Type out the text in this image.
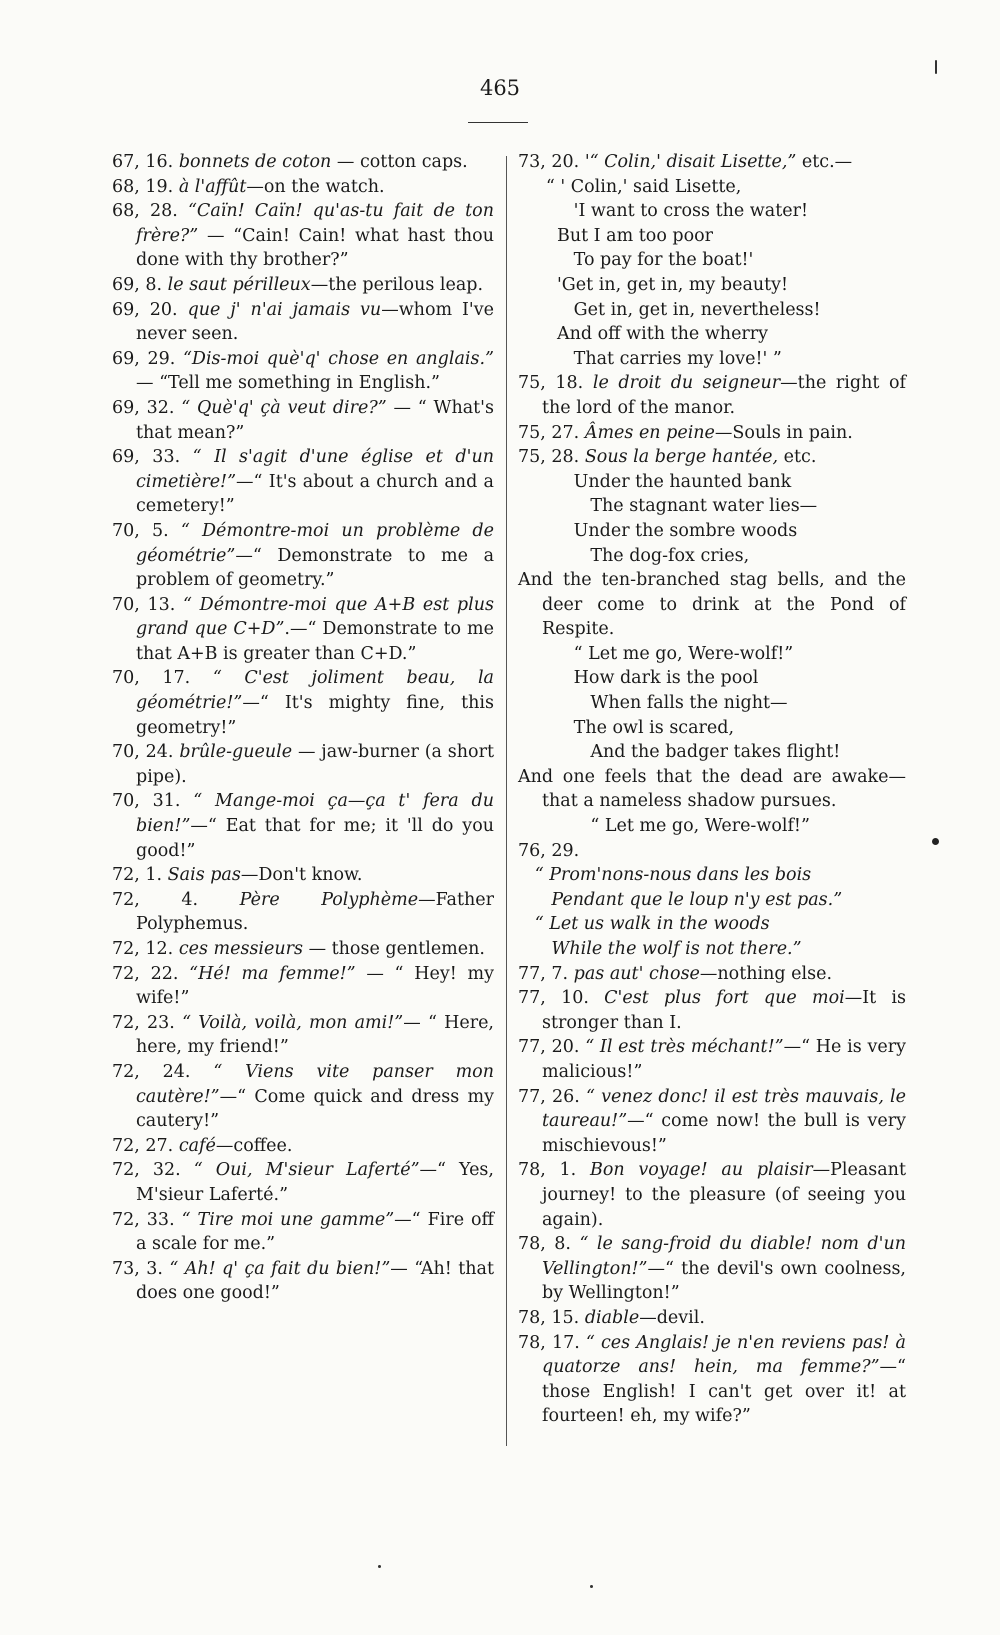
465
67, 16. bonnets de coton — cotton caps.
68, 19. à l'affût—on the watch.
68, 28. “Caïn! Caïn! qu'as-tu fait de ton frère?” — “Cain! Cain! what hast thou done with thy brother?”
69, 8. le saut périlleux—the perilous leap.
69, 20. que j' n'ai jamais vu—whom I've never seen.
69, 29. “Dis-moi què'q' chose en anglais.” — “Tell me something in English.”
69, 32. “ Què'q' çà veut dire?” — “ What's that mean?”
69, 33. “ Il s'agit d'une église et d'un cimetière!”—“ It's about a church and a cemetery!”
70, 5. “ Démontre-moi un problème de géométrie”—“ Demonstrate to me a problem of geometry.”
70, 13. “ Démontre-moi que A+B est plus grand que C+D”.—“ Demonstrate to me that A+B is greater than C+D.”
70, 17. “ C'est joliment beau, la géométrie!”—“ It's mighty fine, this geometry!”
70, 24. brûle-gueule — jaw-burner (a short pipe).
70, 31. “ Mange-moi ça—ça t' fera du bien!”—“ Eat that for me; it 'll do you good!”
72, 1. Sais pas—Don't know.
72, 4. Père Polyphème—Father Polyphemus.
72, 12. ces messieurs — those gentlemen.
72, 22. “Hé! ma femme!” — “ Hey! my wife!”
72, 23. “ Voilà, voilà, mon ami!”— “ Here, here, my friend!”
72, 24. “ Viens vite panser mon cautère!”—“ Come quick and dress my cautery!”
72, 27. café—coffee.
72, 32. “ Oui, M'sieur Laferté”—“ Yes, M'sieur Laferté.”
72, 33. “ Tire moi une gamme”—“ Fire off a scale for me.”
73, 3. “ Ah! q' ça fait du bien!”— “Ah! that does one good!”
73, 20. '“ Colin,' disait Lisette,” etc.—
“ ' Colin,' said Lisette,
'I want to cross the water!
But I am too poor
To pay for the boat!'
'Get in, get in, my beauty!
Get in, get in, nevertheless!
And off with the wherry
That carries my love!' ”
75, 18. le droit du seigneur—the right of the lord of the manor.
75, 27. Âmes en peine—Souls in pain.
75, 28. Sous la berge hantée, etc.
Under the haunted bank
The stagnant water lies—
Under the sombre woods
The dog-fox cries,
And the ten-branched stag bells, and the deer come to drink at the Pond of Respite.
“ Let me go, Were-wolf!”
How dark is the pool
When falls the night—
The owl is scared,
And the badger takes flight!
And one feels that the dead are awake—that a nameless shadow pursues.
“ Let me go, Were-wolf!”
76, 29.
“ Prom'nons-nous dans les bois
Pendant que le loup n'y est pas.”
“ Let us walk in the woods
While the wolf is not there.”
77, 7. pas aut' chose—nothing else.
77, 10. C'est plus fort que moi—It is stronger than I.
77, 20. “ Il est très méchant!”—“ He is very malicious!”
77, 26. “ venez donc! il est très mauvais, le taureau!”—“ come now! the bull is very mischievous!”
78, 1. Bon voyage! au plaisir—Pleasant journey! to the pleasure (of seeing you again).
78, 8. “ le sang-froid du diable! nom d'un Vellington!”—“ the devil's own coolness, by Wellington!”
78, 15. diable—devil.
78, 17. “ ces Anglais! je n'en reviens pas! à quatorze ans! hein, ma femme?”—“ those English! I can't get over it! at fourteen! eh, my wife?”
